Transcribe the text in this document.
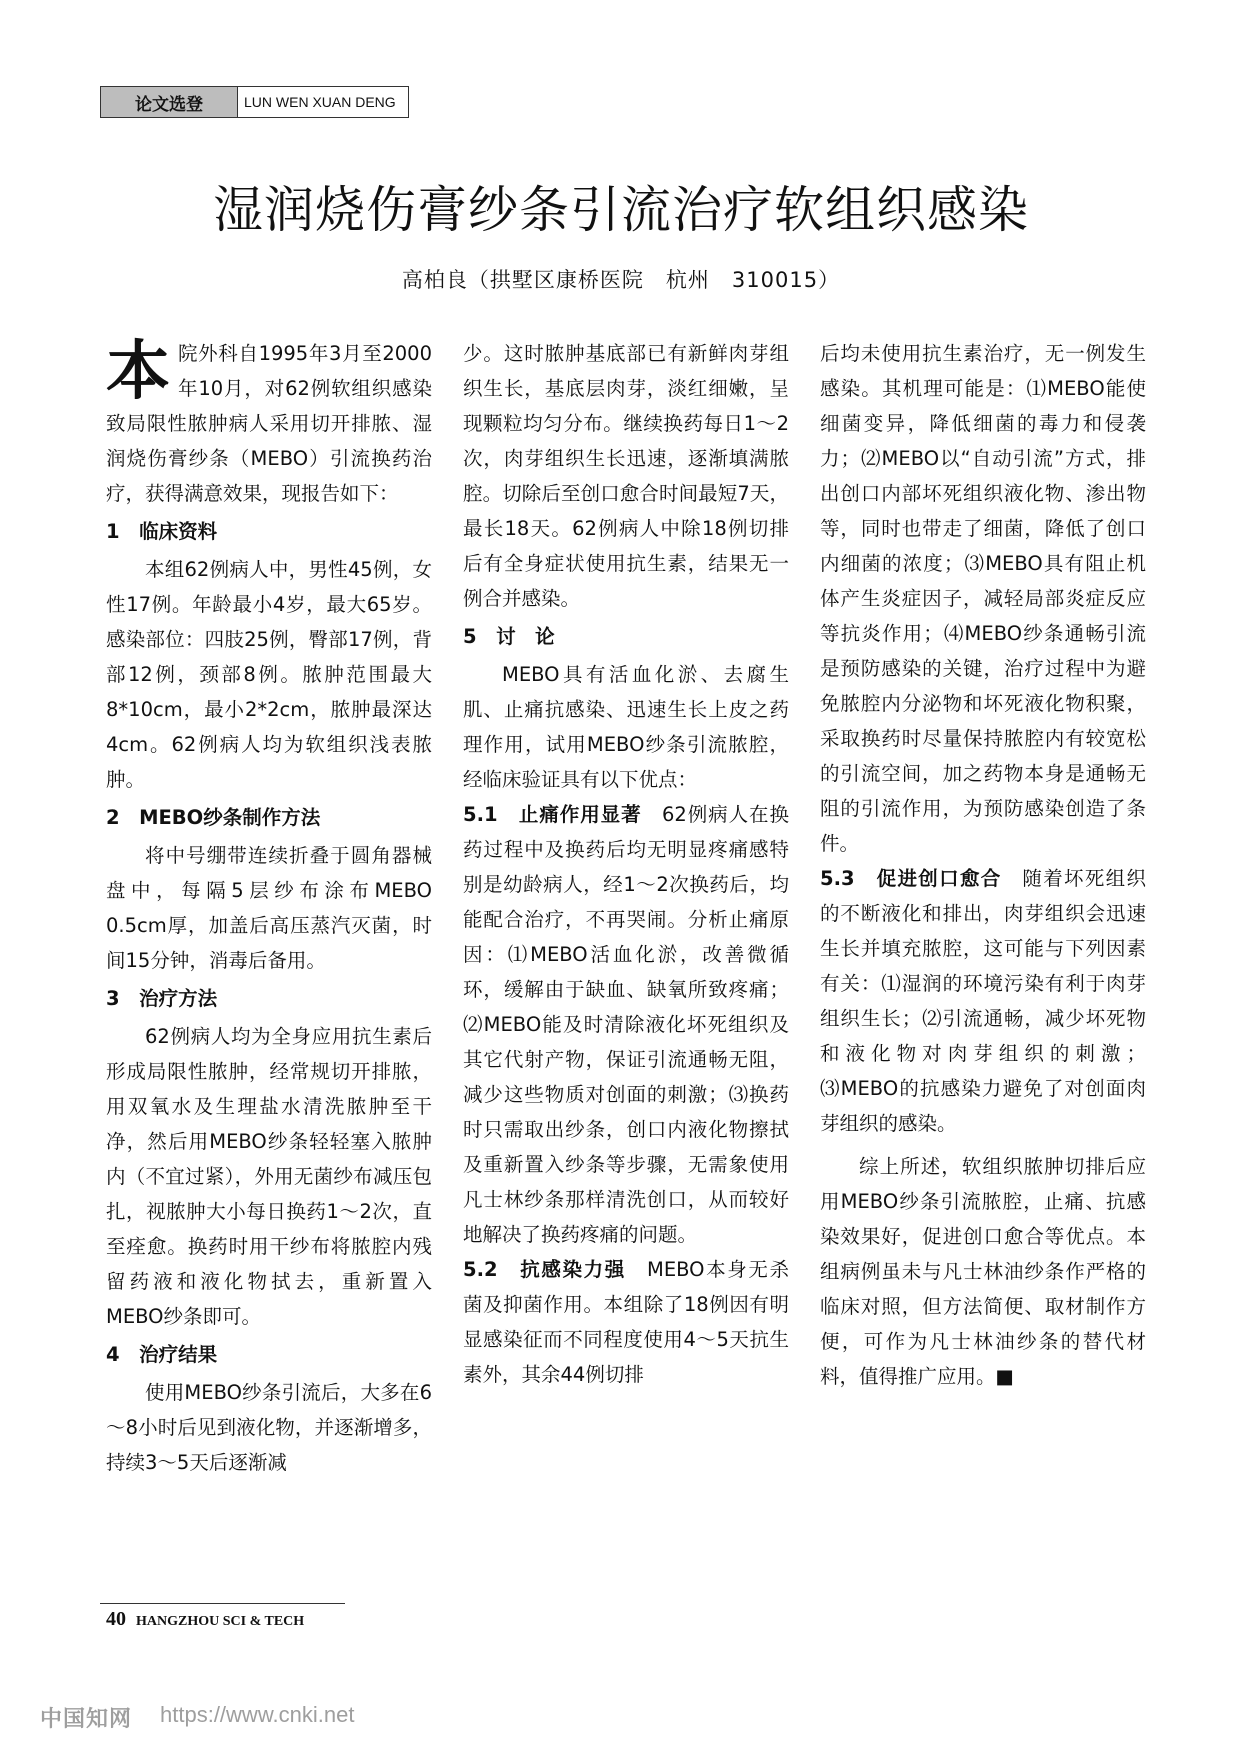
论文选登	LUN WEN XUAN DENG
湿润烧伤膏纱条引流治疗软组织感染
高柏良（拱墅区康桥医院　杭州　310015）

本院外科自1995年3月至2000年10月，对62例软组织感染致局限性脓肿病人采用切开排脓、湿润烧伤膏纱条（MEBO）引流换药治疗，获得满意效果，现报告如下：

1　临床资料

本组62例病人中，男性45例，女性17例。年龄最小4岁，最大65岁。感染部位：四肢25例，臀部17例，背部12例，颈部8例。脓肿范围最大8*10cm，最小2*2cm，脓肿最深达4cm。62例病人均为软组织浅表脓肿。

2　MEBO纱条制作方法

将中号绷带连续折叠于圆角器械盘中，每隔5层纱布涂布MEBO 0.5cm厚，加盖后高压蒸汽灭菌，时间15分钟，消毒后备用。

3　治疗方法

62例病人均为全身应用抗生素后形成局限性脓肿，经常规切开排脓，用双氧水及生理盐水清洗脓肿至干净，然后用MEBO纱条轻轻塞入脓肿内（不宜过紧），外用无菌纱布减压包扎，视脓肿大小每日换药1～2次，直至痊愈。换药时用干纱布将脓腔内残留药液和液化物拭去，重新置入MEBO纱条即可。

4　治疗结果

使用MEBO纱条引流后，大多在6～8小时后见到液化物，并逐渐增多，持续3～5天后逐渐减

少。这时脓肿基底部已有新鲜肉芽组织生长，基底层肉芽，淡红细嫩，呈现颗粒均匀分布。继续换药每日1～2次，肉芽组织生长迅速，逐渐填满脓腔。切除后至创口愈合时间最短7天，最长18天。62例病人中除18例切排后有全身症状使用抗生素，结果无一例合并感染。

5　讨　论

MEBO具有活血化淤、去腐生肌、止痛抗感染、迅速生长上皮之药理作用，试用MEBO纱条引流脓腔，经临床验证具有以下优点：

5.1　止痛作用显著　 62例病人在换药过程中及换药后均无明显疼痛感特别是幼龄病人，经1～2次换药后，均能配合治疗，不再哭闹。分析止痛原因：⑴MEBO活血化淤，改善微循环，缓解由于缺血、缺氧所致疼痛；⑵MEBO能及时清除液化坏死组织及其它代射产物，保证引流通畅无阻，减少这些物质对创面的刺激；⑶换药时只需取出纱条，创口内液化物擦拭及重新置入纱条等步骤，无需象使用凡士林纱条那样清洗创口，从而较好地解决了换药疼痛的问题。

5.2　抗感染力强　 MEBO本身无杀菌及抑菌作用。本组除了18例因有明显感染征而不同程度使用4～5天抗生素外，其余44例切排

后均未使用抗生素治疗，无一例发生感染。其机理可能是：⑴MEBO能使细菌变异，降低细菌的毒力和侵袭力；⑵MEBO以“自动引流”方式，排出创口内部坏死组织液化物、渗出物等，同时也带走了细菌，降低了创口内细菌的浓度；⑶MEBO具有阻止机体产生炎症因子，减轻局部炎症反应等抗炎作用；⑷MEBO纱条通畅引流是预防感染的关键，治疗过程中为避免脓腔内分泌物和坏死液化物积聚，采取换药时尽量保持脓腔内有较宽松的引流空间，加之药物本身是通畅无阻的引流作用，为预防感染创造了条件。

5.3　促进创口愈合　 随着坏死组织的不断液化和排出，肉芽组织会迅速生长并填充脓腔，这可能与下列因素有关：⑴湿润的环境污染有利于肉芽组织生长；⑵引流通畅，减少坏死物和液化物对肉芽组织的刺激；⑶MEBO的抗感染力避免了对创面肉芽组织的感染。

综上所述，软组织脓肿切排后应用MEBO纱条引流脓腔，止痛、抗感染效果好，促进创口愈合等优点。本组病例虽未与凡士林油纱条作严格的临床对照，但方法简便、取材制作方便，可作为凡士林油纱条的替代材料，值得推广应用。■

40 HANGZHOU SCI & TECH
中国知网 https://www.cnki.net
